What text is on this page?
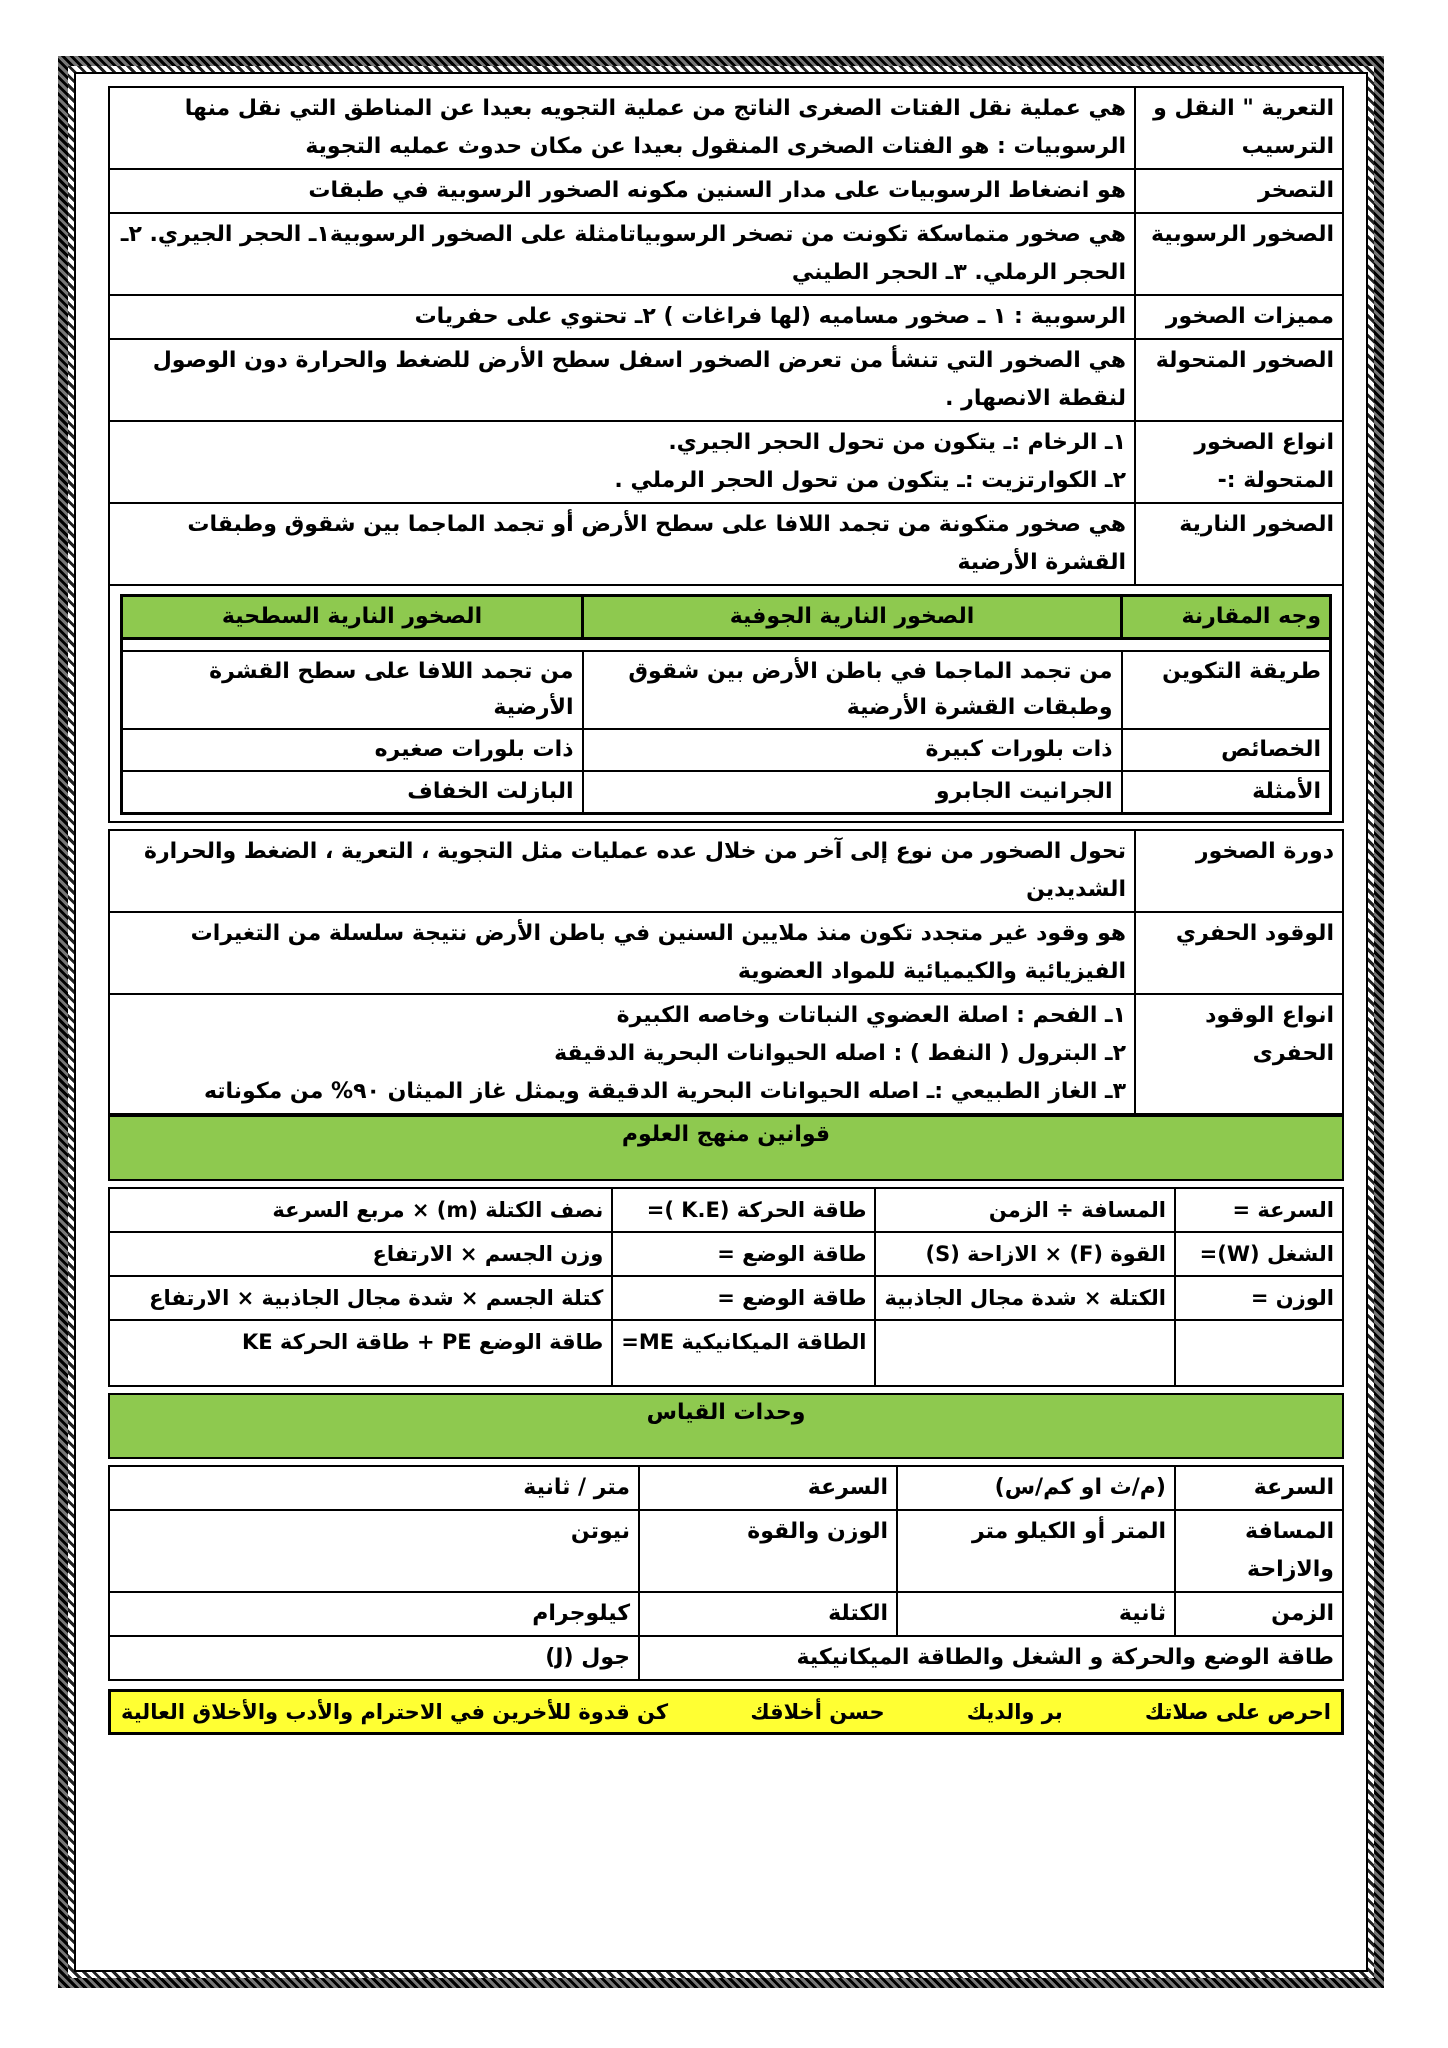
التعرية " النقل و الترسيب	هي عملية نقل الفتات الصغرى الناتج من عملية التجويه بعيدا عن المناطق التي نقل منها الرسوبيات : هو الفتات الصخرى المنقول بعيدا عن مكان حدوث عمليه التجوية
التصخر	هو انضغاط الرسوبيات على مدار السنين مكونه الصخور الرسوبية في طبقات
الصخور الرسوبية	هي صخور متماسكة تكونت من تصخر الرسوبياتامثلة على الصخور الرسوبية١ـ الحجر الجيري. ٢ـ الحجر الرملي. ٣ـ الحجر الطيني
مميزات الصخور	الرسوبية : ١ ـ صخور مساميه (لها فراغات ) ٢ـ تحتوي على حفريات
الصخور المتحولة	هي الصخور التي تنشأ من تعرض الصخور اسفل سطح الأرض للضغط والحرارة دون الوصول لنقطة الانصهار .
انواع الصخور المتحولة :-	١ـ الرخام :ـ يتكون من تحول الحجر الجيري.
٢ـ الكوارتزيت :ـ يتكون من تحول الحجر الرملي .

الصخور النارية	هي صخور متكونة من تجمد اللافا على سطح الأرض أو تجمد الماجما بين شقوق وطبقات القشرة الأرضية
وجه المقارنة	الصخور النارية الجوفية	الصخور النارية السطحية

طريقة التكوين	من تجمد الماجما في باطن الأرض بين شقوق وطبقات القشرة الأرضية	من تجمد اللافا على سطح القشرة الأرضية
الخصائص	ذات بلورات كبيرة	ذات بلورات صغيره
الأمثلة	الجرانيت الجابرو	البازلت الخفاف
دورة الصخور	تحول الصخور من نوع إلى آخر من خلال عده عمليات مثل التجوية ، التعرية ، الضغط والحرارة الشديدين
الوقود الحفري	هو وقود غير متجدد تكون منذ ملايين السنين في باطن الأرض نتيجة سلسلة من التغيرات الفيزيائية والكيميائية للمواد العضوية
انواع الوقود الحفرى	١ـ الفحم : اصلة العضوي النباتات وخاصه الكبيرة
٢ـ البترول ( النفط ) : اصله الحيوانات البحرية الدقيقة
٣ـ الغاز الطبيعي :ـ اصله الحيوانات البحرية الدقيقة ويمثل غاز الميثان ٩٠% من مكوناته
قوانين منهج العلوم
السرعة =	المسافة ÷ الزمن	طاقة الحركة (K.E )=	نصف الكتلة (m) × مربع السرعة
الشغل (W)=	القوة (F) × الازاحة (S)	طاقة الوضع =	وزن الجسم × الارتفاع
الوزن =	الكتلة × شدة مجال الجاذبية	طاقة الوضع =	كتلة الجسم × شدة مجال الجاذبية × الارتفاع
		الطاقة الميكانيكية ME=	طاقة الوضع PE + طاقة الحركة KE
وحدات القياس
السرعة	(م/ث او كم/س)	السرعة	متر / ثانية
المسافة والازاحة	المتر أو الكيلو متر	الوزن والقوة	نيوتن
الزمن	ثانية	الكتلة	كيلوجرام
طاقة الوضع والحركة و الشغل والطاقة الميكانيكية			جول (J)
احرص على صلاتك
بر والديك
حسن أخلاقك
كن قدوة للأخرين في الاحترام والأدب والأخلاق العالية
